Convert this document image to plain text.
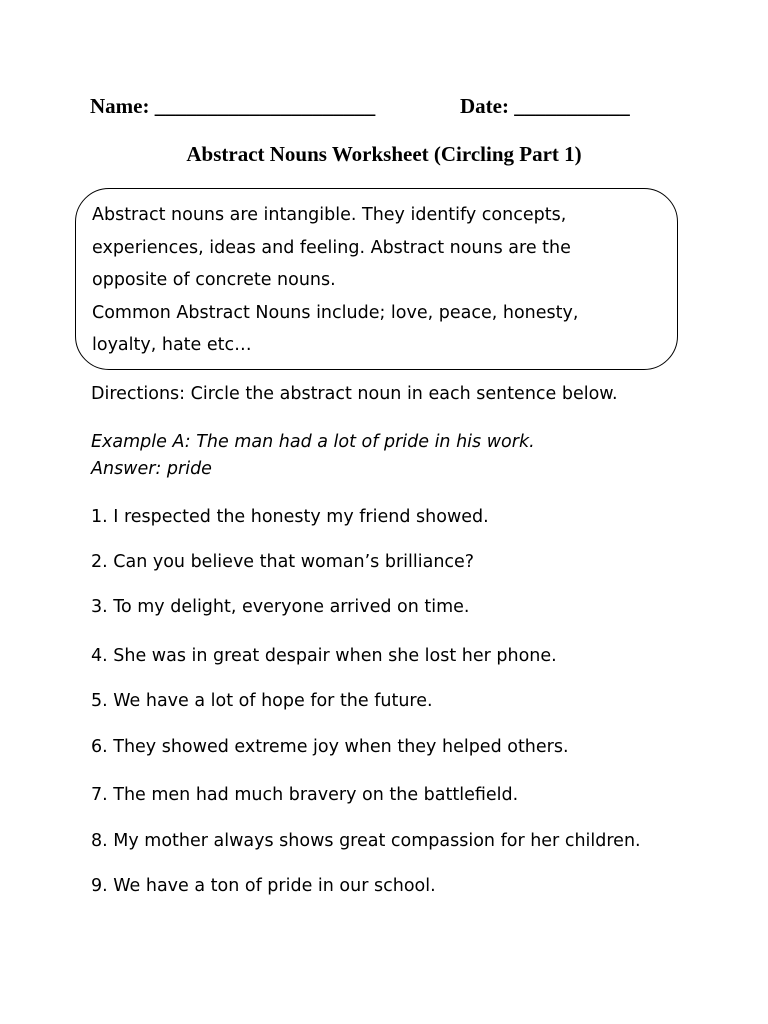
Name: _____________________	Date: ___________
Abstract Nouns Worksheet (Circling Part 1)
Abstract nouns are intangible. They identify concepts,
experiences, ideas and feeling. Abstract nouns are the
opposite of concrete nouns.
Common Abstract Nouns include; love, peace, honesty,
loyalty, hate etc…
Directions: Circle the abstract noun in each sentence below.
Example A: The man had a lot of pride in his work.
Answer: pride
1. I respected the honesty my friend showed.
2. Can you believe that woman’s brilliance?
3. To my delight, everyone arrived on time.
4. She was in great despair when she lost her phone.
5. We have a lot of hope for the future.
6. They showed extreme joy when they helped others.
7. The men had much bravery on the battlefield.
8. My mother always shows great compassion for her children.
9. We have a ton of pride in our school.
